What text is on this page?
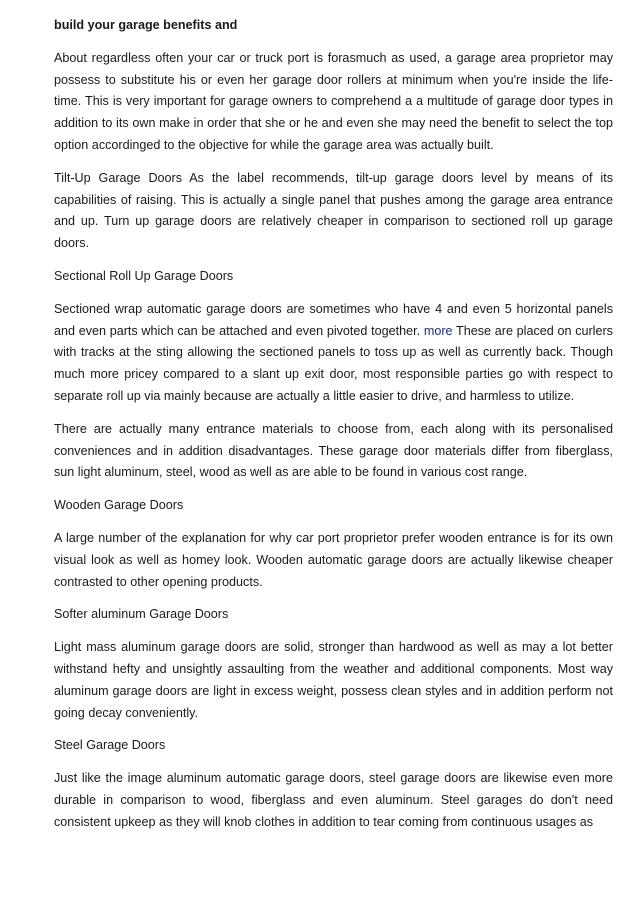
build your garage benefits and

About regardless often your car or truck port is forasmuch as used, a garage area proprietor may possess to substitute his or even her garage door rollers at minimum when you're inside the life-time. This is very important for garage owners to comprehend a a multitude of garage door types in addition to its own make in order that she or he and even she may need the benefit to select the top option accordinged to the objective for while the garage area was actually built.

Tilt-Up Garage Doors As the label recommends, tilt-up garage doors level by means of its capabilities of raising. This is actually a single panel that pushes among the garage area entrance and up. Turn up garage doors are relatively cheaper in comparison to sectioned roll up garage doors.

Sectional Roll Up Garage Doors

Sectioned wrap automatic garage doors are sometimes who have 4 and even 5 horizontal panels and even parts which can be attached and even pivoted together. more These are placed on curlers with tracks at the sting allowing the sectioned panels to toss up as well as currently back. Though much more pricey compared to a slant up exit door, most responsible parties go with respect to separate roll up via mainly because are actually a little easier to drive, and harmless to utilize.

There are actually many entrance materials to choose from, each along with its personalised conveniences and in addition disadvantages. These garage door materials differ from fiberglass, sun light aluminum, steel, wood as well as are able to be found in various cost range.

Wooden Garage Doors

A large number of the explanation for why car port proprietor prefer wooden entrance is for its own visual look as well as homey look. Wooden automatic garage doors are actually likewise cheaper contrasted to other opening products.

Softer aluminum Garage Doors

Light mass aluminum garage doors are solid, stronger than hardwood as well as may a lot better withstand hefty and unsightly assaulting from the weather and additional components. Most way aluminum garage doors are light in excess weight, possess clean styles and in addition perform not going decay conveniently.

Steel Garage Doors

Just like the image aluminum automatic garage doors, steel garage doors are likewise even more durable in comparison to wood, fiberglass and even aluminum. Steel garages do don't need consistent upkeep as they will knob clothes in addition to tear coming from continuous usages as
